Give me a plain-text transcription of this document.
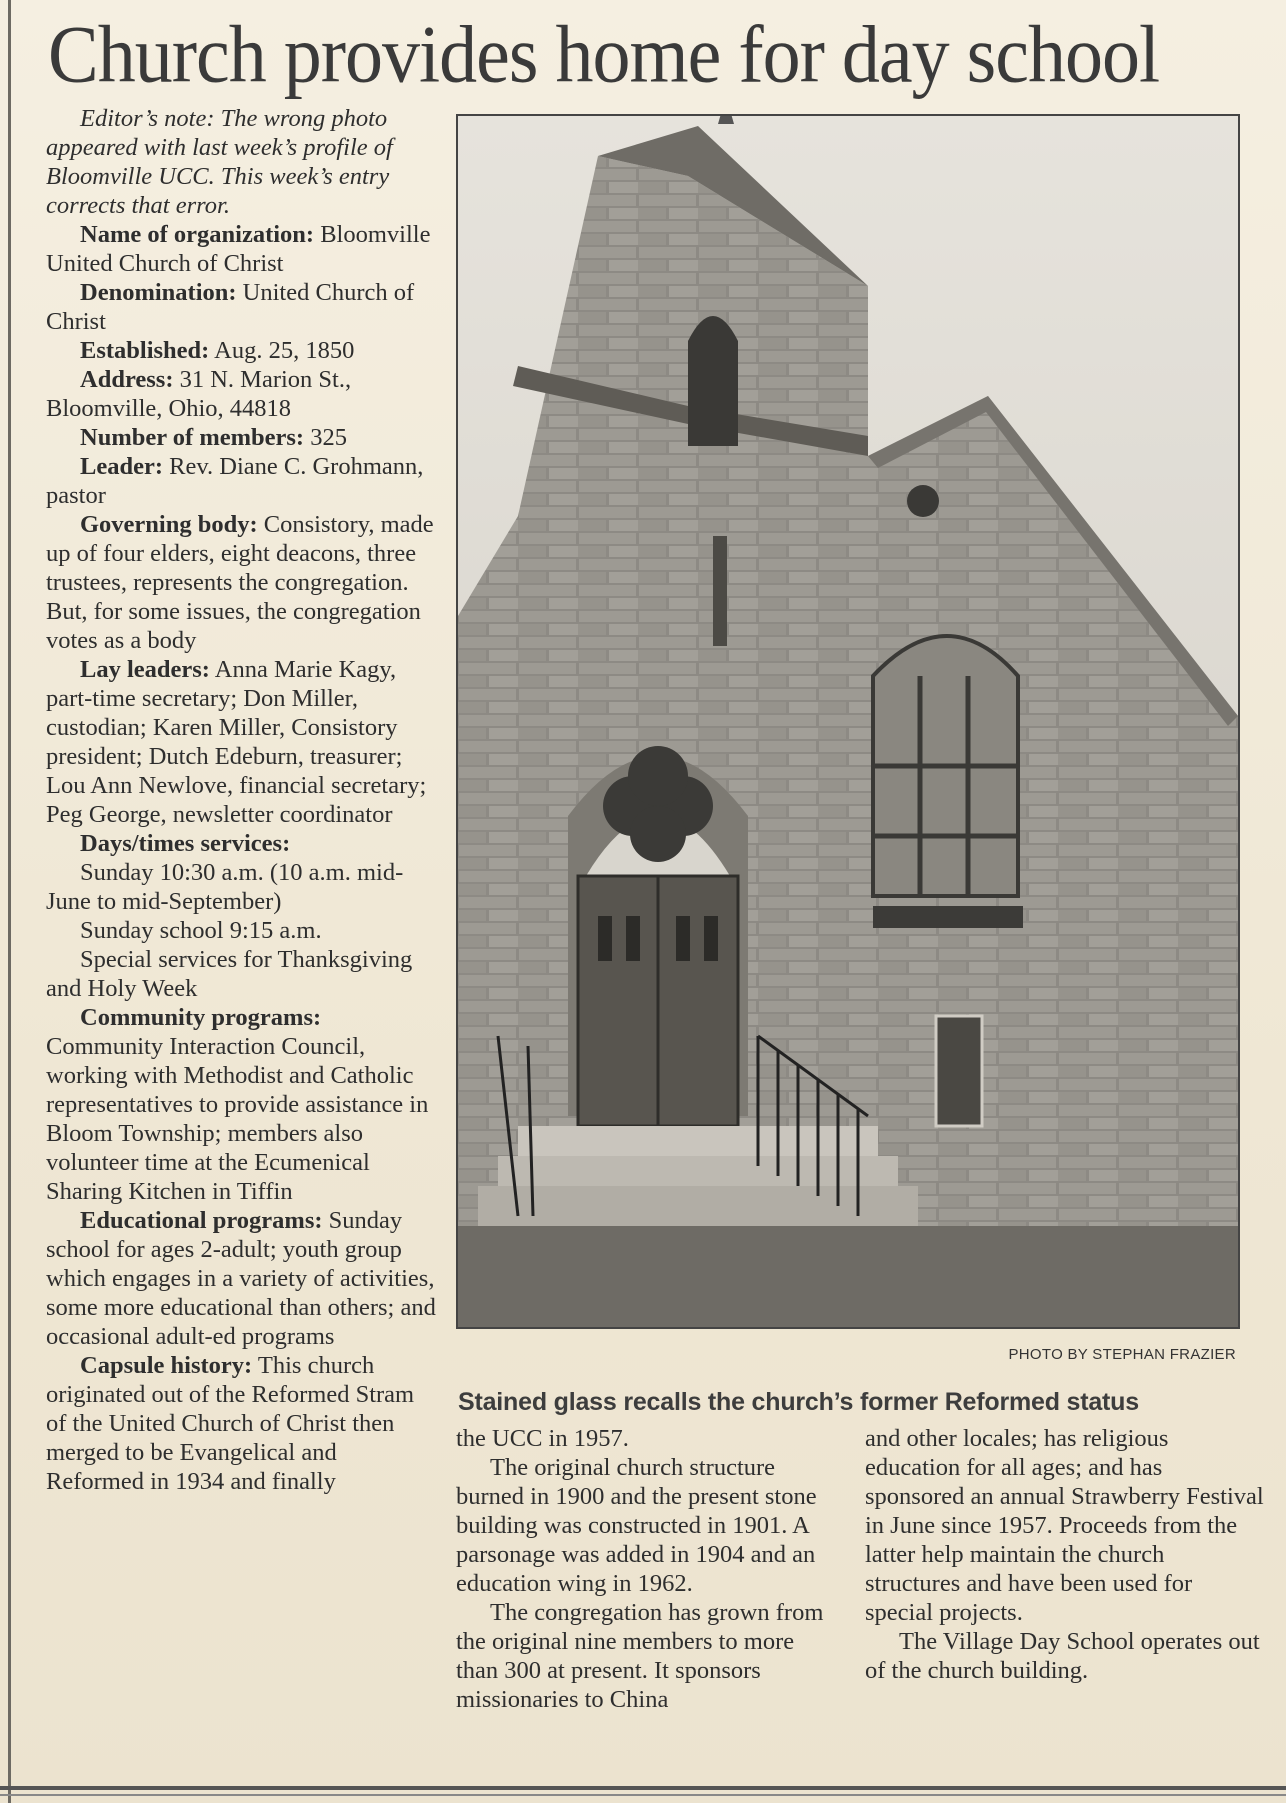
Church provides home for day school

Editor’s note: The wrong photo appeared with last week’s profile of Bloomville UCC. This week’s entry corrects that error.

Name of organization: Bloomville United Church of Christ

Denomination: United Church of Christ

Established: Aug. 25, 1850

Address: 31 N. Marion St., Bloomville, Ohio, 44818

Number of members: 325

Leader: Rev. Diane C. Grohmann, pastor

Governing body: Consistory, made up of four elders, eight deacons, three trustees, represents the congregation. But, for some issues, the congregation votes as a body

Lay leaders: Anna Marie Kagy, part-time secretary; Don Miller, custodian; Karen Miller, Consistory president; Dutch Edeburn, treasurer; Lou Ann Newlove, financial secretary; Peg George, newsletter coordinator

Days/times services:

Sunday 10:30 a.m. (10 a.m. mid-June to mid-September)

Sunday school 9:15 a.m.

Special services for Thanksgiving and Holy Week

Community programs: Community Interaction Council, working with Methodist and Catholic representatives to provide assistance in Bloom Township; members also volunteer time at the Ecumenical Sharing Kitchen in Tiffin

Educational programs: Sunday school for ages 2-adult; youth group which engages in a variety of activities, some more educational than others; and occasional adult-ed programs

Capsule history: This church originated out of the Reformed Stram of the United Church of Christ then merged to be Evangelical and Reformed in 1934 and finally

PHOTO BY STEPHAN FRAZIER
Stained glass recalls the church’s former Reformed status

the UCC in 1957.

The original church structure burned in 1900 and the present stone building was constructed in 1901. A parsonage was added in 1904 and an education wing in 1962.

The congregation has grown from the original nine members to more than 300 at present. It sponsors missionaries to China

and other locales; has religious education for all ages; and has sponsored an annual Strawberry Festival in June since 1957. Proceeds from the latter help maintain the church structures and have been used for special projects.

The Village Day School operates out of the church building.
